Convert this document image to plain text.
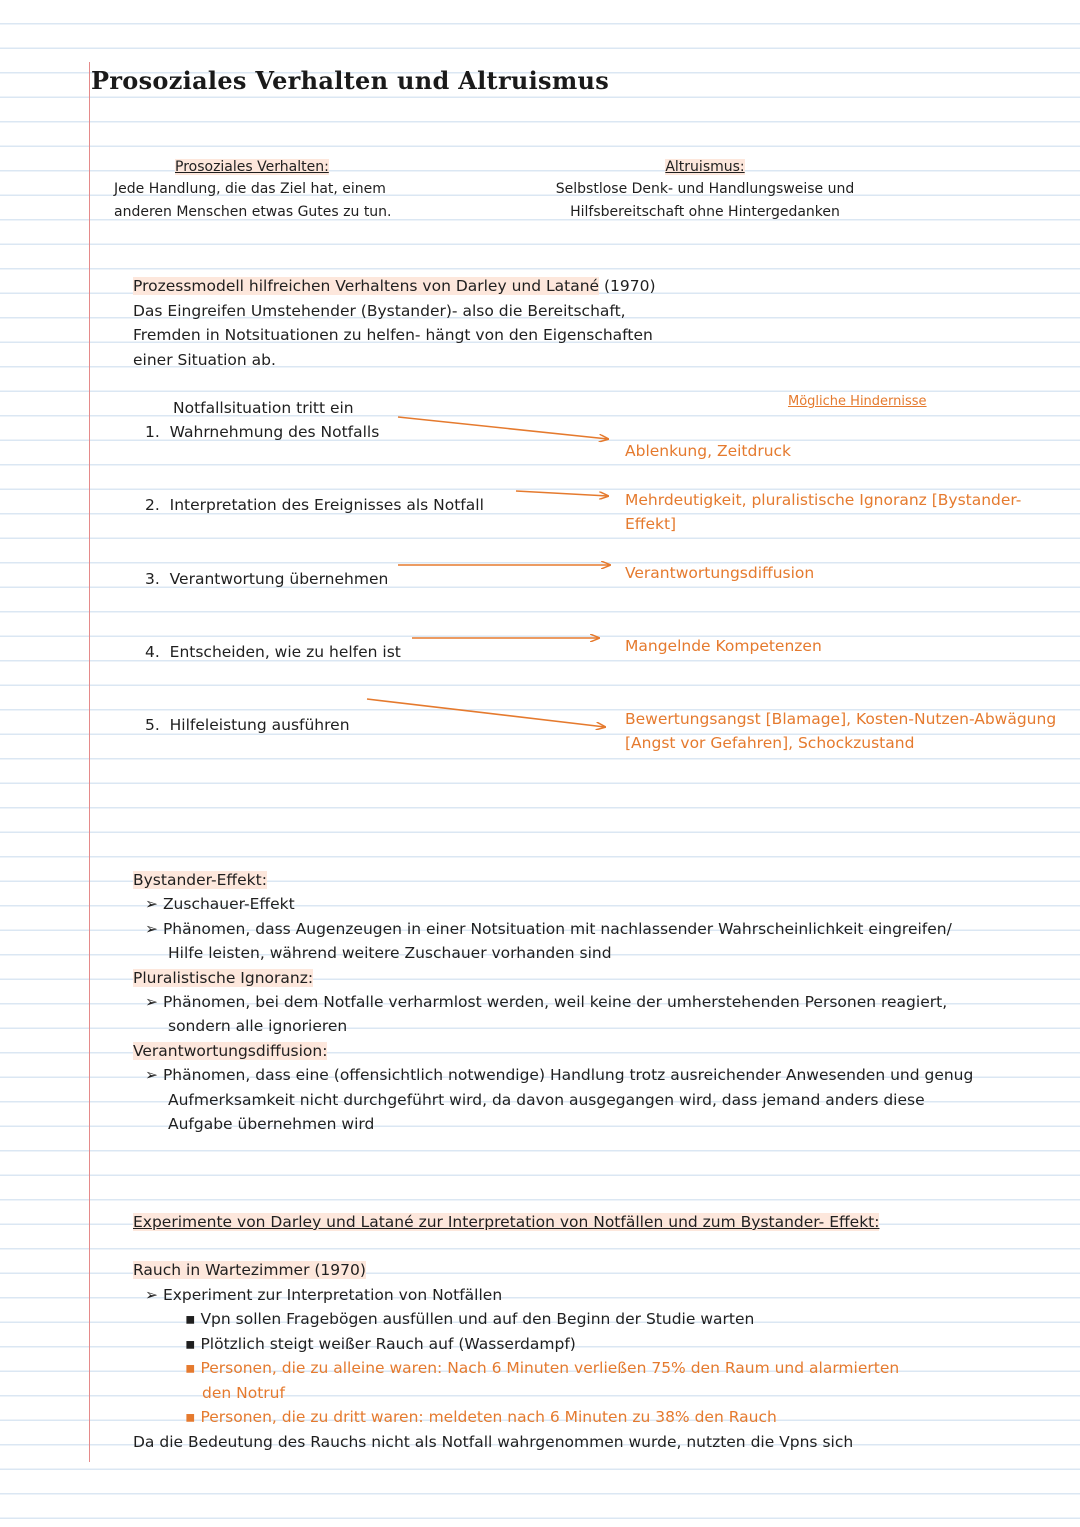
Prosoziales Verhalten und Altruismus
Prosoziales Verhalten:
Jede Handlung, die das Ziel hat, einem
anderen Menschen etwas Gutes zu tun.
Altruismus:
Selbstlose Denk- und Handlungsweise und
Hilfsbereitschaft ohne Hintergedanken
Prozessmodell hilfreichen Verhaltens von Darley und Latané (1970)
Das Eingreifen Umstehender (Bystander)- also die Bereitschaft,
Fremden in Notsituationen zu helfen- hängt von den Eigenschaften
einer Situation ab.
Mögliche Hindernisse
Notfallsituation tritt ein
1. Wahrnehmung des Notfalls
2. Interpretation des Ereignisses als Notfall
3. Verantwortung übernehmen
4. Entscheiden, wie zu helfen ist
5. Hilfeleistung ausführen
Ablenkung, Zeitdruck
Mehrdeutigkeit, pluralistische Ignoranz [Bystander-
Effekt]
Verantwortungsdiffusion
Mangelnde Kompetenzen
Bewertungsangst [Blamage], Kosten-Nutzen-Abwägung
[Angst vor Gefahren], Schockzustand
Bystander-Effekt:
➢ Zuschauer-Effekt
➢ Phänomen, dass Augenzeugen in einer Notsituation mit nachlassender Wahrscheinlichkeit eingreifen/
Hilfe leisten, während weitere Zuschauer vorhanden sind
Pluralistische Ignoranz:
➢ Phänomen, bei dem Notfalle verharmlost werden, weil keine der umherstehenden Personen reagiert,
sondern alle ignorieren
Verantwortungsdiffusion:
➢ Phänomen, dass eine (offensichtlich notwendige) Handlung trotz ausreichender Anwesenden und genug
Aufmerksamkeit nicht durchgeführt wird, da davon ausgegangen wird, dass jemand anders diese
Aufgabe übernehmen wird
Experimente von Darley und Latané zur Interpretation von Notfällen und zum Bystander- Effekt:
Rauch in Wartezimmer (1970)
➢ Experiment zur Interpretation von Notfällen
▪ Vpn sollen Fragebögen ausfüllen und auf den Beginn der Studie warten
▪ Plötzlich steigt weißer Rauch auf (Wasserdampf)
▪ Personen, die zu alleine waren: Nach 6 Minuten verließen 75% den Raum und alarmierten
den Notruf
▪ Personen, die zu dritt waren: meldeten nach 6 Minuten zu 38% den Rauch
Da die Bedeutung des Rauchs nicht als Notfall wahrgenommen wurde, nutzten die Vpns sich
